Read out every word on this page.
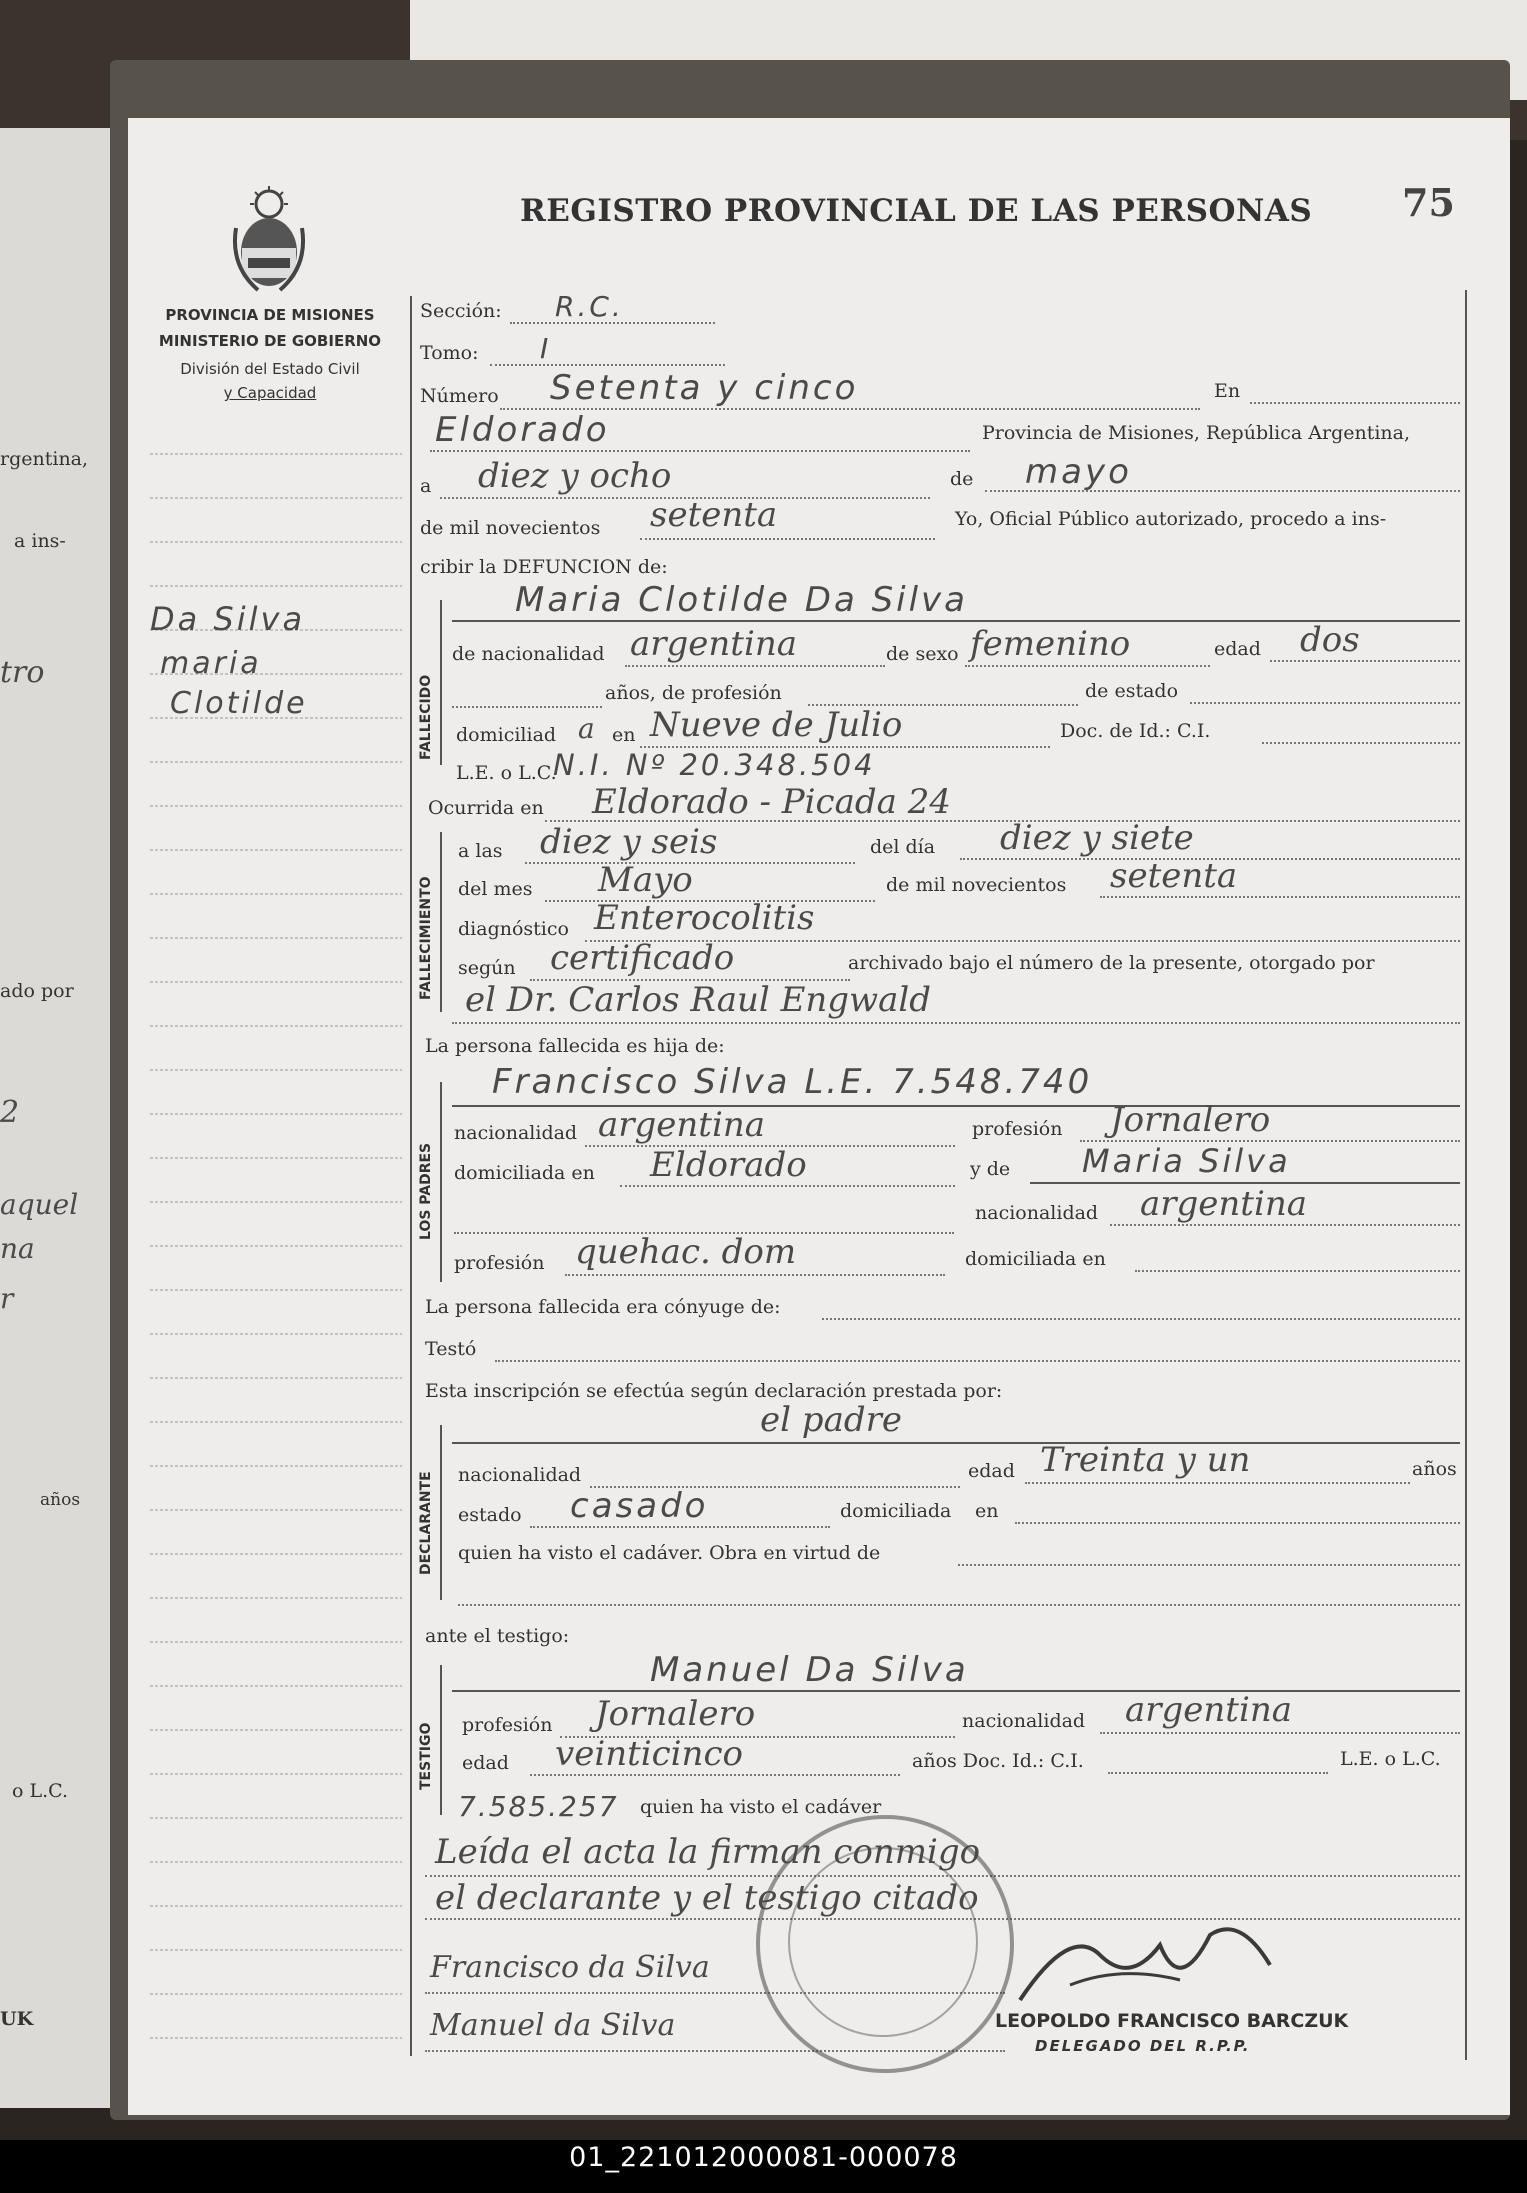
rgentina,
a ins-
tro
ado por
2
aquel
na
r
años
o L.C.
UK
PROVINCIA DE MISIONES
MINISTERIO DE GOBIERNO
División del Estado Civil
y Capacidad
REGISTRO PROVINCIAL DE LAS PERSONAS 75
Da Silva
maria
Clotilde	FALLECIDO
FALLECIMIENTO
LOS PADRES
DECLARANTE
TESTIGO
Sección: R.C.
Tomo: I
Número Setenta y cinco	En
Eldorado	Provincia de Misiones, República Argentina,
a diez y ocho	de mayo
de mil novecientos setenta	Yo, Oficial Público autorizado, procedo a ins-
cribir la DEFUNCION de:
Maria Clotilde Da Silva
de nacionalidad argentina	de sexo femenino	edad dos
años, de profesión	de estado
domiciliad a en Nueve de Julio	Doc. de Id.: C.I.
L.E. o L.C.
N.I. Nº 20.348.504
Ocurrida en Eldorado - Picada 24
a las diez y seis	del día diez y siete
del mes Mayo	de mil novecientos setenta
diagnóstico Enterocolitis
según certificado	archivado bajo el número de la presente, otorgado por
el Dr. Carlos Raul Engwald
La persona fallecida es hija de:
Francisco Silva L.E. 7.548.740
nacionalidad argentina	profesión Jornalero
domiciliada en Eldorado	y de Maria Silva
nacionalidad argentina
profesión quehac. dom	domiciliada en
La persona fallecida era cónyuge de:
Testó
Esta inscripción se efectúa según declaración prestada por:
el padre
nacionalidad	edad Treinta y un	años
estado casado	domiciliada en
quien ha visto el cadáver. Obra en virtud de
ante el testigo:
Manuel Da Silva
profesión Jornalero	nacionalidad argentina
edad veinticinco	años Doc. Id.: C.I.	L.E. o L.C.
7.585.257 quien ha visto el cadáver
Leída el acta la firman conmigo
el declarante y el testigo citado
Francisco da Silva
Manuel da Silva	LEOPOLDO FRANCISCO BARCZUK
DELEGADO DEL R.P.P.
01_221012000081-000078
